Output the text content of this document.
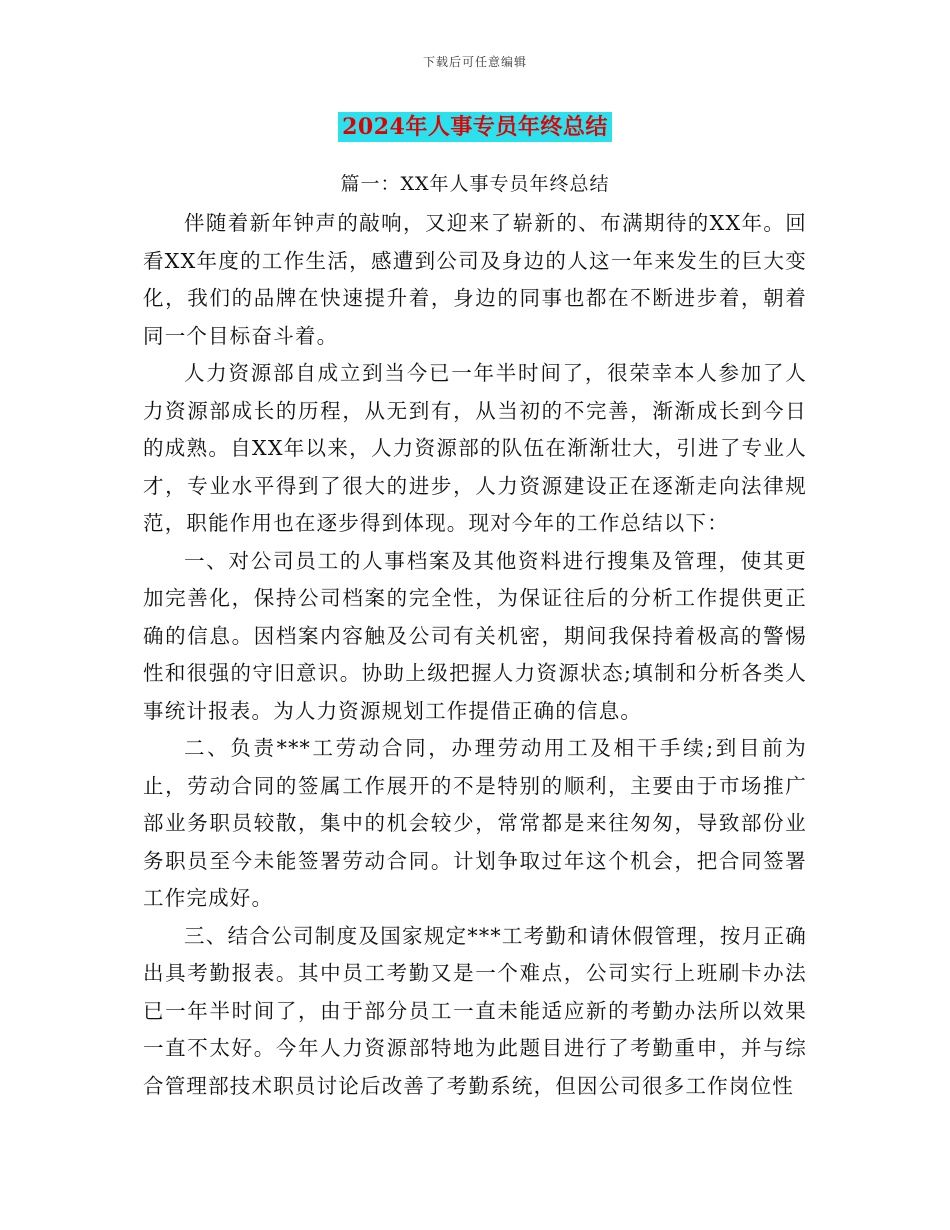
下载后可任意编辑
2024年人事专员年终总结
篇一：XX年人事专员年终总结

伴随着新年钟声的敲响，又迎来了崭新的、布满期待的XX年。回看XX年度的工作生活，感遭到公司及身边的人这一年来发生的巨大变化，我们的品牌在快速提升着，身边的同事也都在不断进步着，朝着同一个目标奋斗着。

人力资源部自成立到当今已一年半时间了，很荣幸本人参加了人力资源部成长的历程，从无到有，从当初的不完善，渐渐成长到今日的成熟。自XX年以来，人力资源部的队伍在渐渐壮大，引进了专业人才，专业水平得到了很大的进步，人力资源建设正在逐渐走向法律规范，职能作用也在逐步得到体现。现对今年的工作总结以下：

一、对公司员工的人事档案及其他资料进行搜集及管理，使其更加完善化，保持公司档案的完全性，为保证往后的分析工作提供更正确的信息。因档案内容触及公司有关机密，期间我保持着极高的警惕性和很强的守旧意识。协助上级把握人力资源状态;填制和分析各类人事统计报表。为人力资源规划工作提借正确的信息。

二、负责***工劳动合同，办理劳动用工及相干手续;到目前为止，劳动合同的签属工作展开的不是特别的顺利，主要由于市场推广部业务职员较散，集中的机会较少，常常都是来往匆匆，导致部份业务职员至今未能签署劳动合同。计划争取过年这个机会，把合同签署工作完成好。

三、结合公司制度及国家规定***工考勤和请休假管理，按月正确出具考勤报表。其中员工考勤又是一个难点，公司实行上班刷卡办法已一年半时间了，由于部分员工一直未能适应新的考勤办法所以效果一直不太好。今年人力资源部特地为此题目进行了考勤重申，并与综合管理部技术职员讨论后改善了考勤系统，但因公司很多工作岗位性
